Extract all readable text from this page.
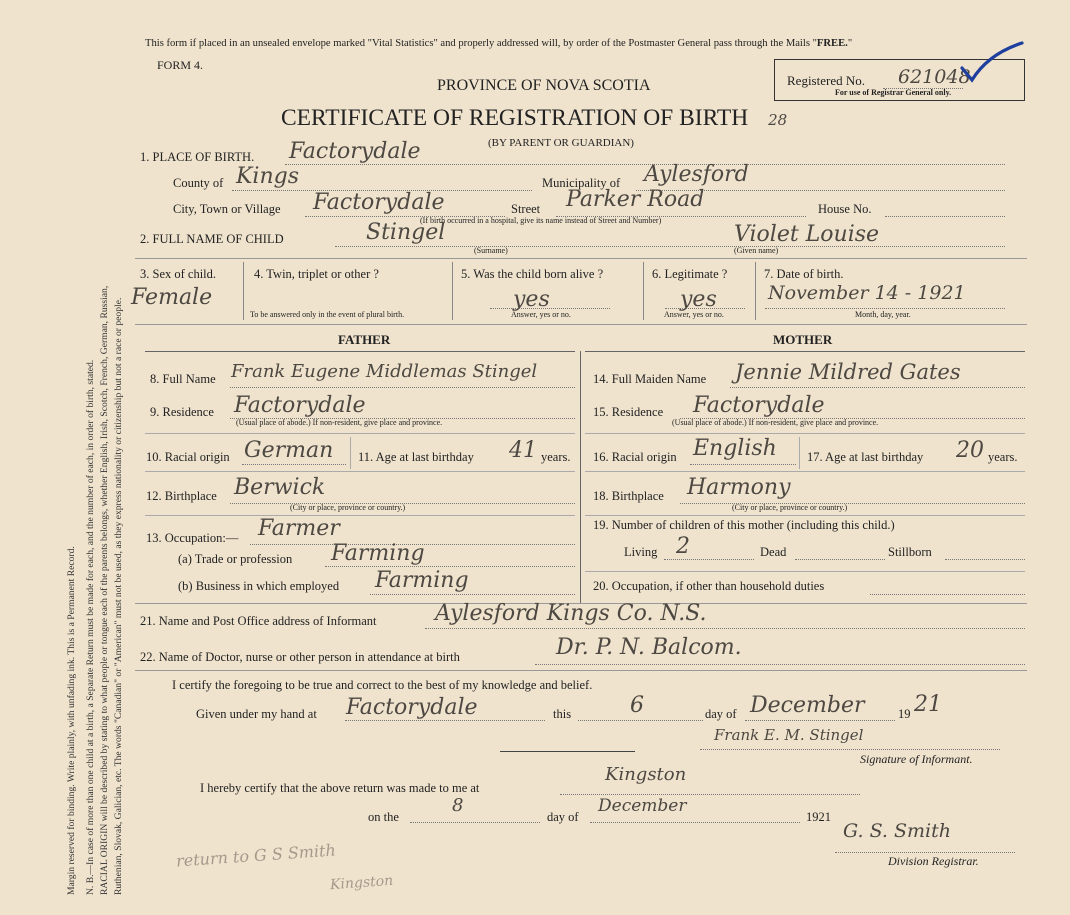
Margin reserved for binding. Write plainly, with unfading ink. This is a Permanent Record. N. B.—In case of more than one child at a birth, a Separate Return must be made for each, and the number of each, in order of birth, stated. RACIAL ORIGIN will be described by stating to what people or tongue each of the parents belongs, whether English, Irish, Scotch, French, German, Russian, Ruthenian, Slovak, Galician, etc. The words "Canadian" or "American" must not be used, as they express nationality or citizenship but not a race or people.
This form if placed in an unsealed envelope marked "Vital Statistics" and properly addressed will, by order of the Postmaster General pass through the Mails "FREE."
FORM 4.
PROVINCE OF NOVA SCOTIA
CERTIFICATE OF REGISTRATION OF BIRTH 28
(BY PARENT OR GUARDIAN)
Registered No. 621048
For use of Registrar General only.
1. PLACE OF BIRTH. Factorydale
County of Kings	Municipality of Aylesford
City, Town or Village Factorydale	Street Parker Road	House No.
(If birth occurred in a hospital, give its name instead of Street and Number)
2. FULL NAME OF CHILD	Stingel	Violet Louise
(Surname)	(Given name)
3. Sex of child.
Female
4. Twin, triplet or other ?
To be answered only in the event of plural birth.
5. Was the child born alive ?
yes
Answer, yes or no.
6. Legitimate ?
yes
Answer, yes or no.
7. Date of birth.
November 14 - 1921
Month, day, year.
FATHER	MOTHER
8. Full Name Frank Eugene Middlemas Stingel
9. Residence Factorydale
(Usual place of abode.) If non-resident, give place and province.
10. Racial origin German 11. Age at last birthday 41 years.
12. Birthplace Berwick
(City or place, province or country.)
13. Occupation:— Farmer
(a) Trade or profession Farming
(b) Business in which employed Farming
14. Full Maiden Name Jennie Mildred Gates
15. Residence Factorydale
(Usual place of abode.) If non-resident, give place and province.
16. Racial origin English 17. Age at last birthday 20 years.
18. Birthplace Harmony
(City or place, province or country.)
19. Number of children of this mother (including this child.)
Living 2	Dead	Stillborn
20. Occupation, if other than household duties
21. Name and Post Office address of Informant	Aylesford Kings Co. N.S.
22. Name of Doctor, nurse or other person in attendance at birth	Dr. P. N. Balcom.
I certify the foregoing to be true and correct to the best of my knowledge and belief.
Given under my hand at Factorydale	this	6	day of December	19 21
Frank E. M. Stingel
Signature of Informant.
I hereby certify that the above return was made to me at
Kingston
on the
8
day of
December
1921
G. S. Smith
Division Registrar.
return to G S Smith
Kingston
